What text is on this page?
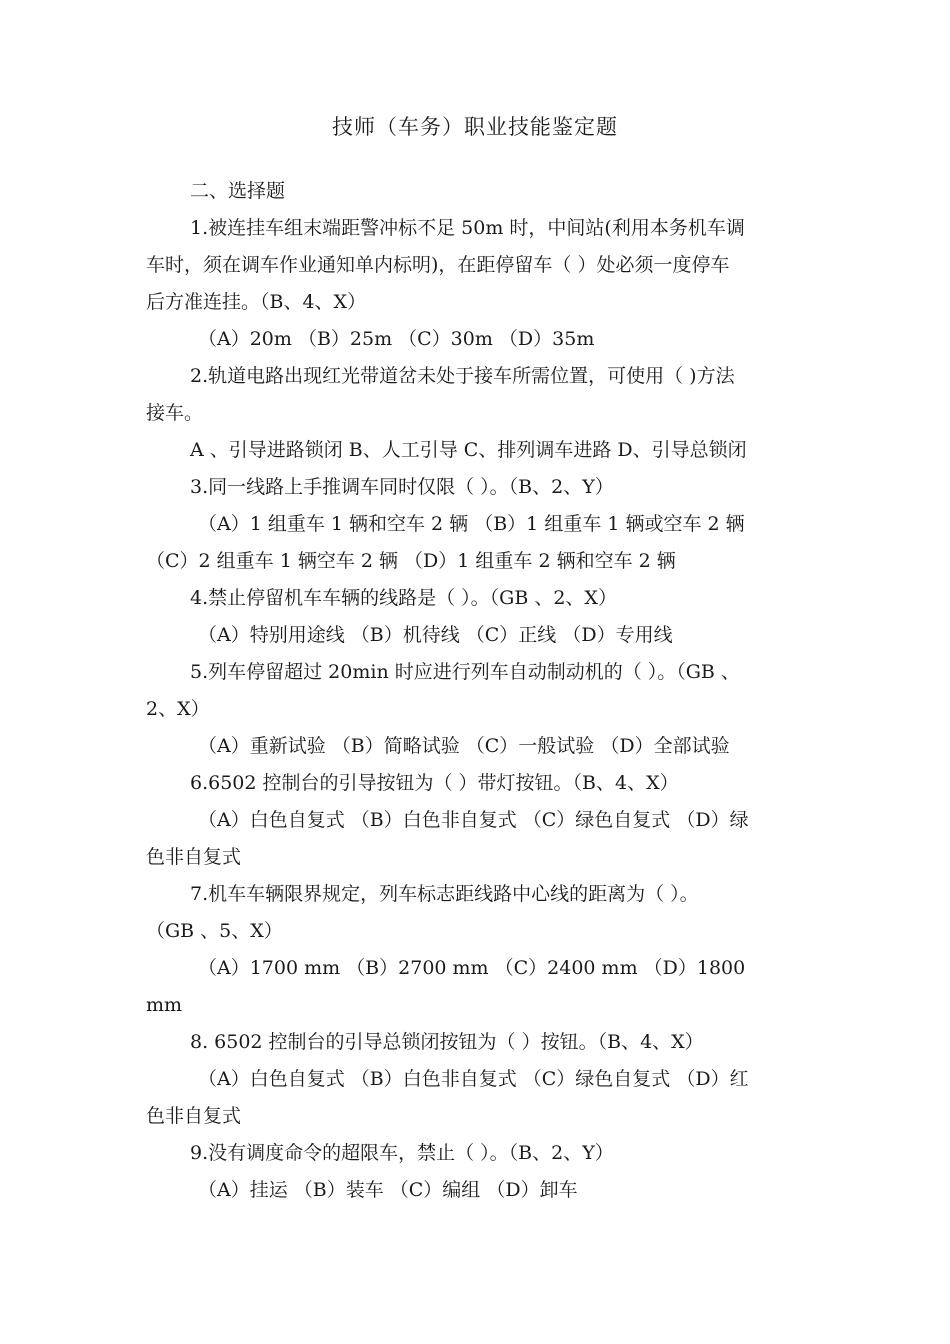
技师（车务）职业技能鉴定题
二、选择题
1.被连挂车组末端距警冲标不足 50m 时，中间站(利用本务机车调
车时，须在调车作业通知单内标明)，在距停留车（ ）处必须一度停车
后方准连挂。（B、4、X）
（A）20m （B）25m （C）30m （D）35m
2.轨道电路出现红光带道岔未处于接车所需位置，可使用（ )方法
接车。
A 、引导进路锁闭 B、人工引导 C、排列调车进路 D、引导总锁闭
3.同一线路上手推调车同时仅限（ ）。（B、2、Y）
（A）1 组重车 1 辆和空车 2 辆 （B）1 组重车 1 辆或空车 2 辆
（C）2 组重车 1 辆空车 2 辆 （D）1 组重车 2 辆和空车 2 辆
4.禁止停留机车车辆的线路是（ ）。（GB 、2、X）
（A）特别用途线 （B）机待线 （C）正线 （D）专用线
5.列车停留超过 20min 时应进行列车自动制动机的（ ）。（GB 、
2、X）
（A）重新试验 （B）简略试验 （C）一般试验 （D）全部试验
6.6502 控制台的引导按钮为（ ）带灯按钮。（B、4、X）
（A）白色自复式 （B）白色非自复式 （C）绿色自复式 （D）绿
色非自复式
7.机车车辆限界规定，列车标志距线路中心线的距离为（ ）。
（GB 、5、X）
（A）1700 mm （B）2700 mm （C）2400 mm （D）1800
mm
8. 6502 控制台的引导总锁闭按钮为（ ）按钮。（B、4、X）
（A）白色自复式 （B）白色非自复式 （C）绿色自复式 （D）红
色非自复式
9.没有调度命令的超限车，禁止（ ）。（B、2、Y）
（A）挂运 （B）装车 （C）编组 （D）卸车
